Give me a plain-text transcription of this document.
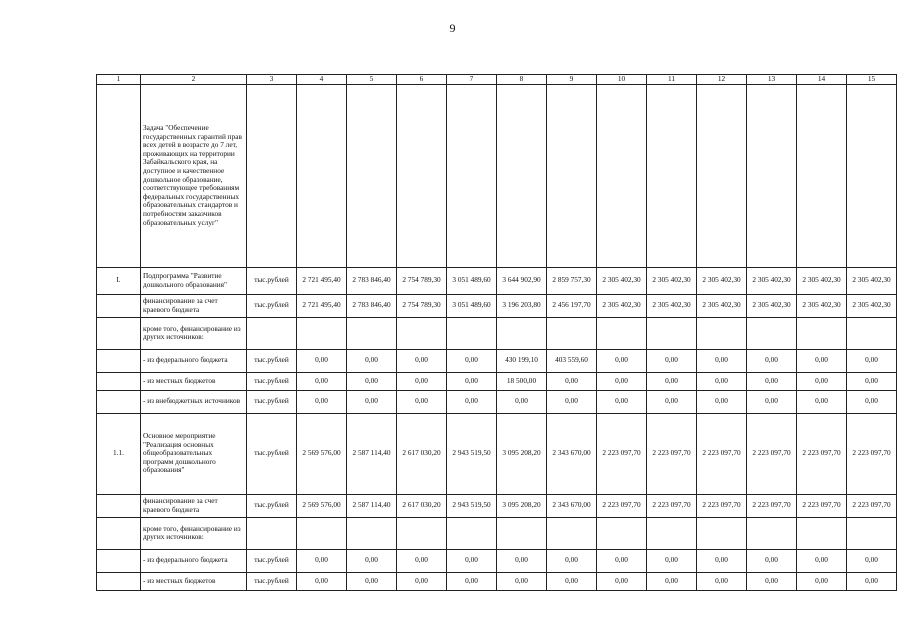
9
1	2	3	4	5	6	7	8	9	10	11	12	13	14	15
	Задача "Обеспечение государственных гарантий прав всех детей в возрасте до 7 лет, проживающих на территории Забайкальского края, на доступное и качественное дошкольное образование, соответствующее требованиям федеральных государственных образовательных стандартов и потребностям заказчиков образовательных услуг"													
I.	Подпрограмма "Развитие дошкольного образования"	тыс.рублей	2 721 495,40	2 783 846,40	2 754 789,30	3 051 489,60	3 644 902,90	2 859 757,30	2 305 402,30	2 305 402,30	2 305 402,30	2 305 402,30	2 305 402,30	2 305 402,30
	финансирование за счет краевого бюджета	тыс.рублей	2 721 495,40	2 783 846,40	2 754 789,30	3 051 489,60	3 196 203,80	2 456 197,70	2 305 402,30	2 305 402,30	2 305 402,30	2 305 402,30	2 305 402,30	2 305 402,30
	кроме того, финансирование из других источников:													
	- из федерального бюджета	тыс.рублей	0,00	0,00	0,00	0,00	430 199,10	403 559,60	0,00	0,00	0,00	0,00	0,00	0,00
	- из местных бюджетов	тыс.рублей	0,00	0,00	0,00	0,00	18 500,00	0,00	0,00	0,00	0,00	0,00	0,00	0,00
	- из внебюджетных источников	тыс.рублей	0,00	0,00	0,00	0,00	0,00	0,00	0,00	0,00	0,00	0,00	0,00	0,00
1.1.	Основное мероприятие "Реализация основных общеобразовательных программ дошкольного образования"	тыс.рублей	2 569 576,00	2 587 114,40	2 617 030,20	2 943 519,50	3 095 208,20	2 343 670,00	2 223 097,70	2 223 097,70	2 223 097,70	2 223 097,70	2 223 097,70	2 223 097,70
	финансирование за счет краевого бюджета	тыс.рублей	2 569 576,00	2 587 114,40	2 617 030,20	2 943 519,50	3 095 208,20	2 343 670,00	2 223 097,70	2 223 097,70	2 223 097,70	2 223 097,70	2 223 097,70	2 223 097,70
	кроме того, финансирование из других источников:													
	- из федерального бюджета	тыс.рублей	0,00	0,00	0,00	0,00	0,00	0,00	0,00	0,00	0,00	0,00	0,00	0,00
	- из местных бюджетов	тыс.рублей	0,00	0,00	0,00	0,00	0,00	0,00	0,00	0,00	0,00	0,00	0,00	0,00
